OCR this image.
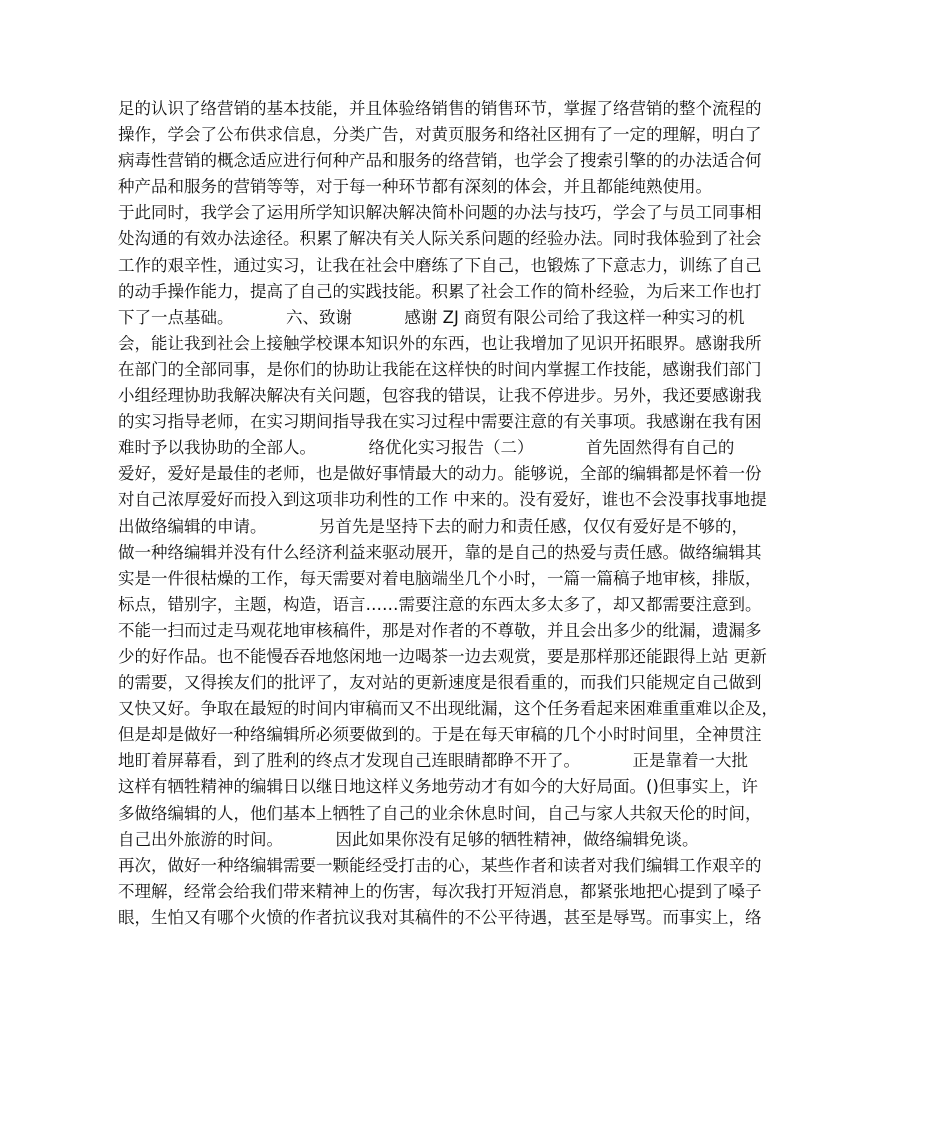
足的认识了络营销的基本技能，并且体验络销售的销售环节，掌握了络营销的整个流程的
操作，学会了公布供求信息，分类广告，对黄页服务和络社区拥有了一定的理解，明白了
病毒性营销的概念适应进行何种产品和服务的络营销，也学会了搜索引擎的的办法适合何
种产品和服务的营销等等，对于每一种环节都有深刻的体会，并且都能纯熟使用。
于此同时，我学会了运用所学知识解决解决简朴问题的办法与技巧，学会了与员工同事相
处沟通的有效办法途径。积累了解决有关人际关系问题的经验办法。同时我体验到了社会
工作的艰辛性，通过实习，让我在社会中磨练了下自己，也锻炼了下意志力，训练了自己
的动手操作能力，提高了自己的实践技能。积累了社会工作的简朴经验，为后来工作也打
下了一点基础。          六、致谢          感谢 ZJ 商贸有限公司给了我这样一种实习的机
会，能让我到社会上接触学校课本知识外的东西，也让我增加了见识开拓眼界。感谢我所
在部门的全部同事，是你们的协助让我能在这样快的时间内掌握工作技能，感谢我们部门
小组经理协助我解决解决有关问题，包容我的错误，让我不停进步。另外，我还要感谢我
的实习指导老师，在实习期间指导我在实习过程中需要注意的有关事项。我感谢在我有困
难时予以我协助的全部人。          络优化实习报告（二）          首先固然得有自己的
爱好，爱好是最佳的老师，也是做好事情最大的动力。能够说，全部的编辑都是怀着一份
对自己浓厚爱好而投入到这项非功利性的工作 中来的。没有爱好，谁也不会没事找事地提
出做络编辑的申请。          另首先是坚持下去的耐力和责任感，仅仅有爱好是不够的，
做一种络编辑并没有什么经济利益来驱动展开，靠的是自己的热爱与责任感。做络编辑其
实是一件很枯燥的工作，每天需要对着电脑端坐几个小时，一篇一篇稿子地审核，排版，
标点，错别字，主题，构造，语言……需要注意的东西太多太多了，却又都需要注意到。
不能一扫而过走马观花地审核稿件，那是对作者的不尊敬，并且会出多少的纰漏，遗漏多
少的好作品。也不能慢吞吞地悠闲地一边喝茶一边去观赏，要是那样那还能跟得上站 更新
的需要，又得挨友们的批评了，友对站的更新速度是很看重的，而我们只能规定自己做到
又快又好。争取在最短的时间内审稿而又不出现纰漏，这个任务看起来困难重重难以企及，
但是却是做好一种络编辑所必须要做到的。于是在每天审稿的几个小时时间里，全神贯注
地盯着屏幕看，到了胜利的终点才发现自己连眼睛都睁不开了。          正是靠着一大批
这样有牺牲精神的编辑日以继日地这样义务地劳动才有如今的大好局面。()但事实上，许
多做络编辑的人，他们基本上牺牲了自己的业余休息时间，自己与家人共叙天伦的时间，
自己出外旅游的时间。          因此如果你没有足够的牺牲精神，做络编辑免谈。
再次，做好一种络编辑需要一颗能经受打击的心，某些作者和读者对我们编辑工作艰辛的
不理解，经常会给我们带来精神上的伤害，每次我打开短消息，都紧张地把心提到了嗓子
眼，生怕又有哪个火愤的作者抗议我对其稿件的不公平待遇，甚至是辱骂。而事实上，络
